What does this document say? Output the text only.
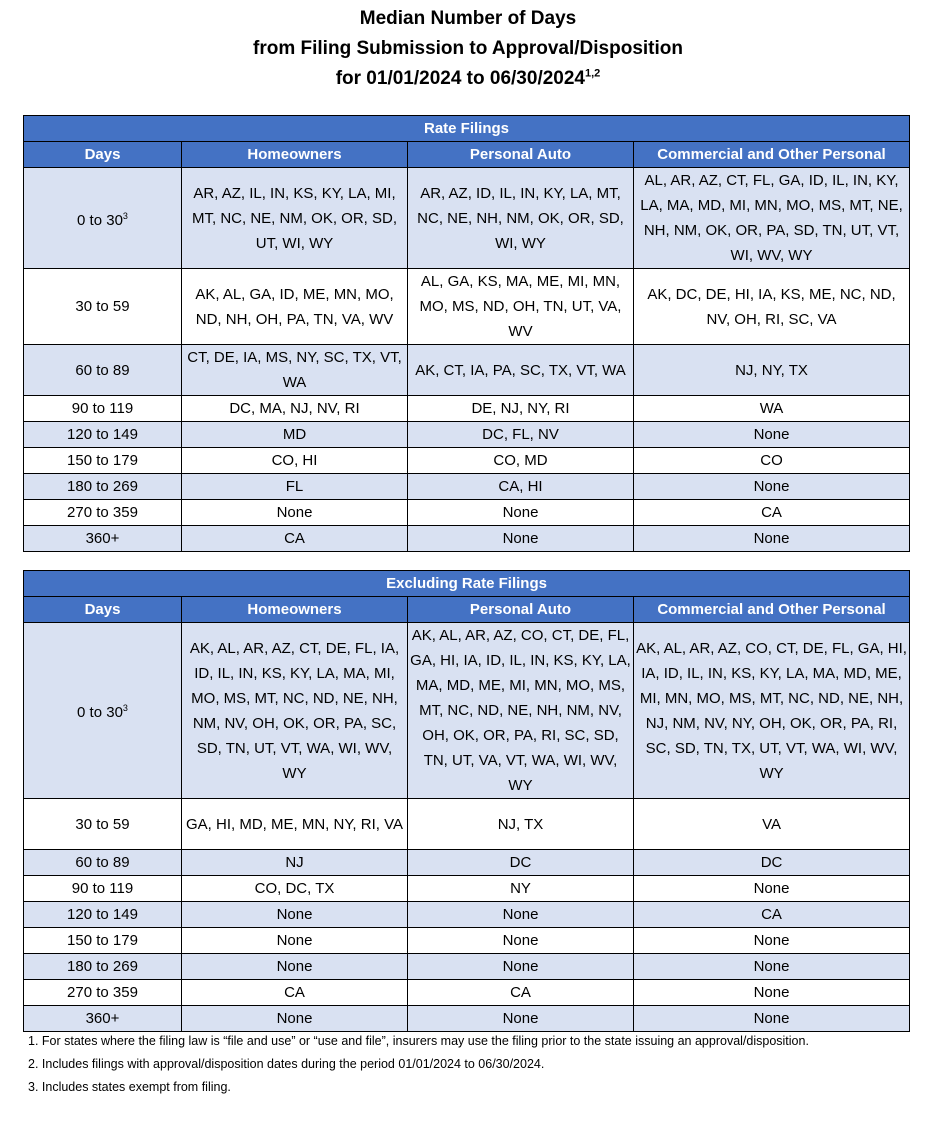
Median Number of Days
from Filing Submission to Approval/Disposition
for 01/01/2024 to 06/30/2024$^{1,2}$
Rate Filings			
Days	Homeowners	Personal Auto	Commercial and Other Personal
0 to $30^3$	AR, AZ, IL, IN, KS, KY, LA, MI, MT, NC, NE, NM, OK, OR, SD, UT, WI, WY	AR, AZ, ID, IL, IN, KY, LA, MT, NC, NE, NH, NM, OK, OR, SD, WI, WY	AL, AR, AZ, CT, FL, GA, ID, IL, IN, KY, LA, MA, MD, MI, MN, MO, MS, MT, NE, NH, NM, OK, OR, PA, SD, TN, UT, VT, WI, WV, WY
30 to 59	AK, AL, GA, ID, ME, MN, MO, ND, NH, OH, PA, TN, VA, WV	AL, GA, KS, MA, ME, MI, MN, MO, MS, ND, OH, TN, UT, VA, WV	AK, DC, DE, HI, IA, KS, ME, NC, ND, NV, OH, RI, SC, VA
60 to 89	CT, DE, IA, MS, NY, SC, TX, VT, WA	AK, CT, IA, PA, SC, TX, VT, WA	NJ, NY, TX
90 to 119	DC, MA, NJ, NV, RI	DE, NJ, NY, RI	WA
120 to 149	MD	DC, FL, NV	None
150 to 179	CO, HI	CO, MD	CO
180 to 269	FL	CA, HI	None
270 to 359	None	None	CA
360+	CA	None	None
Excluding Rate Filings			
Days	Homeowners	Personal Auto	Commercial and Other Personal
0 to $30^3$	AK, AL, AR, AZ, CT, DE, FL, IA, ID, IL, IN, KS, KY, LA, MA, MI, MO, MS, MT, NC, ND, NE, NH, NM, NV, OH, OK, OR, PA, SC, SD, TN, UT, VT, WA, WI, WV, WY	AK, AL, AR, AZ, CO, CT, DE, FL, GA, HI, IA, ID, IL, IN, KS, KY, LA, MA, MD, ME, MI, MN, MO, MS, MT, NC, ND, NE, NH, NM, NV, OH, OK, OR, PA, RI, SC, SD, TN, UT, VA, VT, WA, WI, WV, WY	AK, AL, AR, AZ, CO, CT, DE, FL, GA, HI, IA, ID, IL, IN, KS, KY, LA, MA, MD, ME, MI, MN, MO, MS, MT, NC, ND, NE, NH, NJ, NM, NV, NY, OH, OK, OR, PA, RI, SC, SD, TN, TX, UT, VT, WA, WI, WV, WY
30 to 59	GA, HI, MD, ME, MN, NY, RI, VA	NJ, TX	VA
60 to 89	NJ	DC	DC
90 to 119	CO, DC, TX	NY	None
120 to 149	None	None	CA
150 to 179	None	None	None
180 to 269	None	None	None
270 to 359	CA	CA	None
360+	None	None	None

1. For states where the filing law is “file and use” or “use and file”, insurers may use the filing prior to the state issuing an approval/disposition.

2. Includes filings with approval/disposition dates during the period 01/01/2024 to 06/30/2024.

3. Includes states exempt from filing.
